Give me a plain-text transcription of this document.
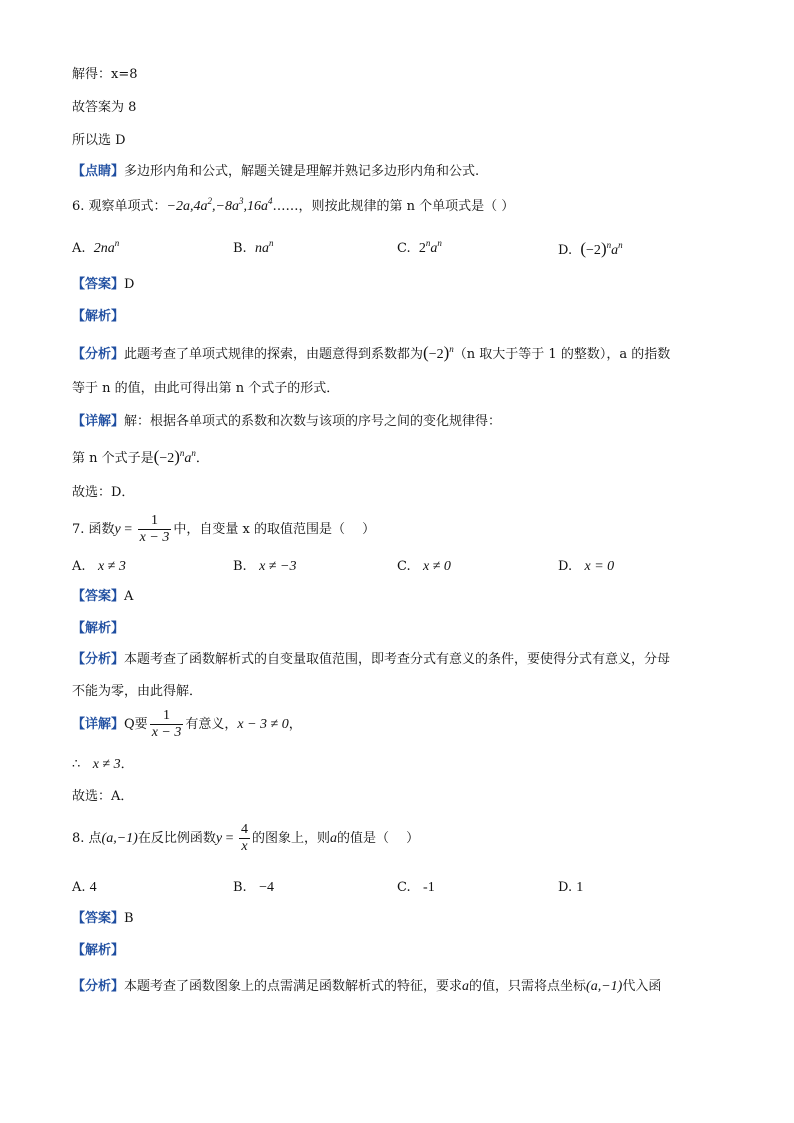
解得：x=8
故答案为 8
所以选 D
【点睛】多边形内角和公式，解题关键是理解并熟记多边形内角和公式.
6. 观察单项式：$-2a,4a^2,-8a^3,16a^4\dots\dots$，则按此规律的第 n 个单项式是（ ）
A. $2na^n$	B. $na^n$	C. $2^na^n$	D. $(-2)^na^n$
【答案】D
【解析】
【分析】此题考查了单项式规律的探索，由题意得到系数都为$(-2)^n(n$ 取大于等于 1 的整数），a 的指数
等于 n 的值，由此可得出第 n 个式子的形式．
【详解】解：根据各单项式的系数和次数与该项的序号之间的变化规律得：
第 n 个式子是$(-2)^na^n$．
故选：D．
7. 函数$y = \frac{1}{x - 3}$ 中，自变量 x 的取值范围是（　 ）
A. x ≠ 3	B. x ≠ −3	C. x ≠ 0	D. x = 0
【答案】A
【解析】
【分析】本题考查了函数解析式的自变量取值范围，即考查分式有意义的条件，要使得分式有意义，分母
不能为零，由此得解．
【详解】Q要 $\frac{1}{x - 3}$ 有意义，x − 3 ≠ 0，
∴ x ≠ 3．
故选：A．
8. 点(a,−1)在反比例函数$y = \frac{4}{x}$ 的图象上，则a的值是（　 ）
A. 4	B. −4	C. -1	D. 1
【答案】B
【解析】
【分析】本题考查了函数图象上的点需满足函数解析式的特征，要求a的值，只需将点坐标(a,−1)代入函
